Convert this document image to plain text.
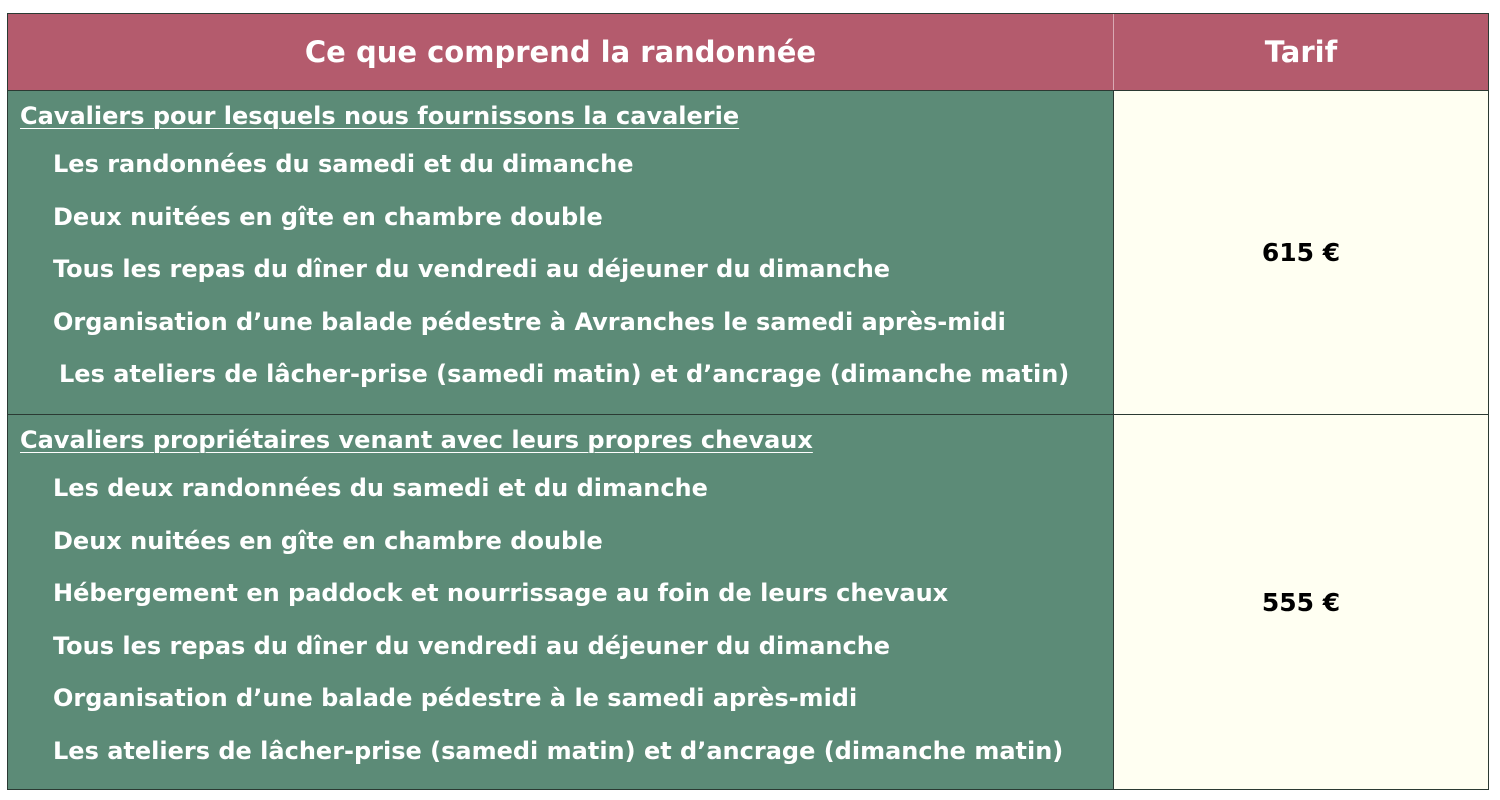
Ce que comprend la randonnée	Tarif
Cavaliers pour lesquels nous fournissons la cavalerie
Les randonnées du samedi et du dimanche
Deux nuitées en gîte en chambre double
Tous les repas du dîner du vendredi au déjeuner du dimanche
Organisation d’une balade pédestre à Avranches le samedi après-midi
Les ateliers de lâcher-prise (samedi matin) et d’ancrage (dimanche matin)
615 €
Cavaliers propriétaires venant avec leurs propres chevaux
Les deux randonnées du samedi et du dimanche
Deux nuitées en gîte en chambre double
Hébergement en paddock et nourrissage au foin de leurs chevaux
Tous les repas du dîner du vendredi au déjeuner du dimanche
Organisation d’une balade pédestre à le samedi après-midi
Les ateliers de lâcher-prise (samedi matin) et d’ancrage (dimanche matin)
555 €
